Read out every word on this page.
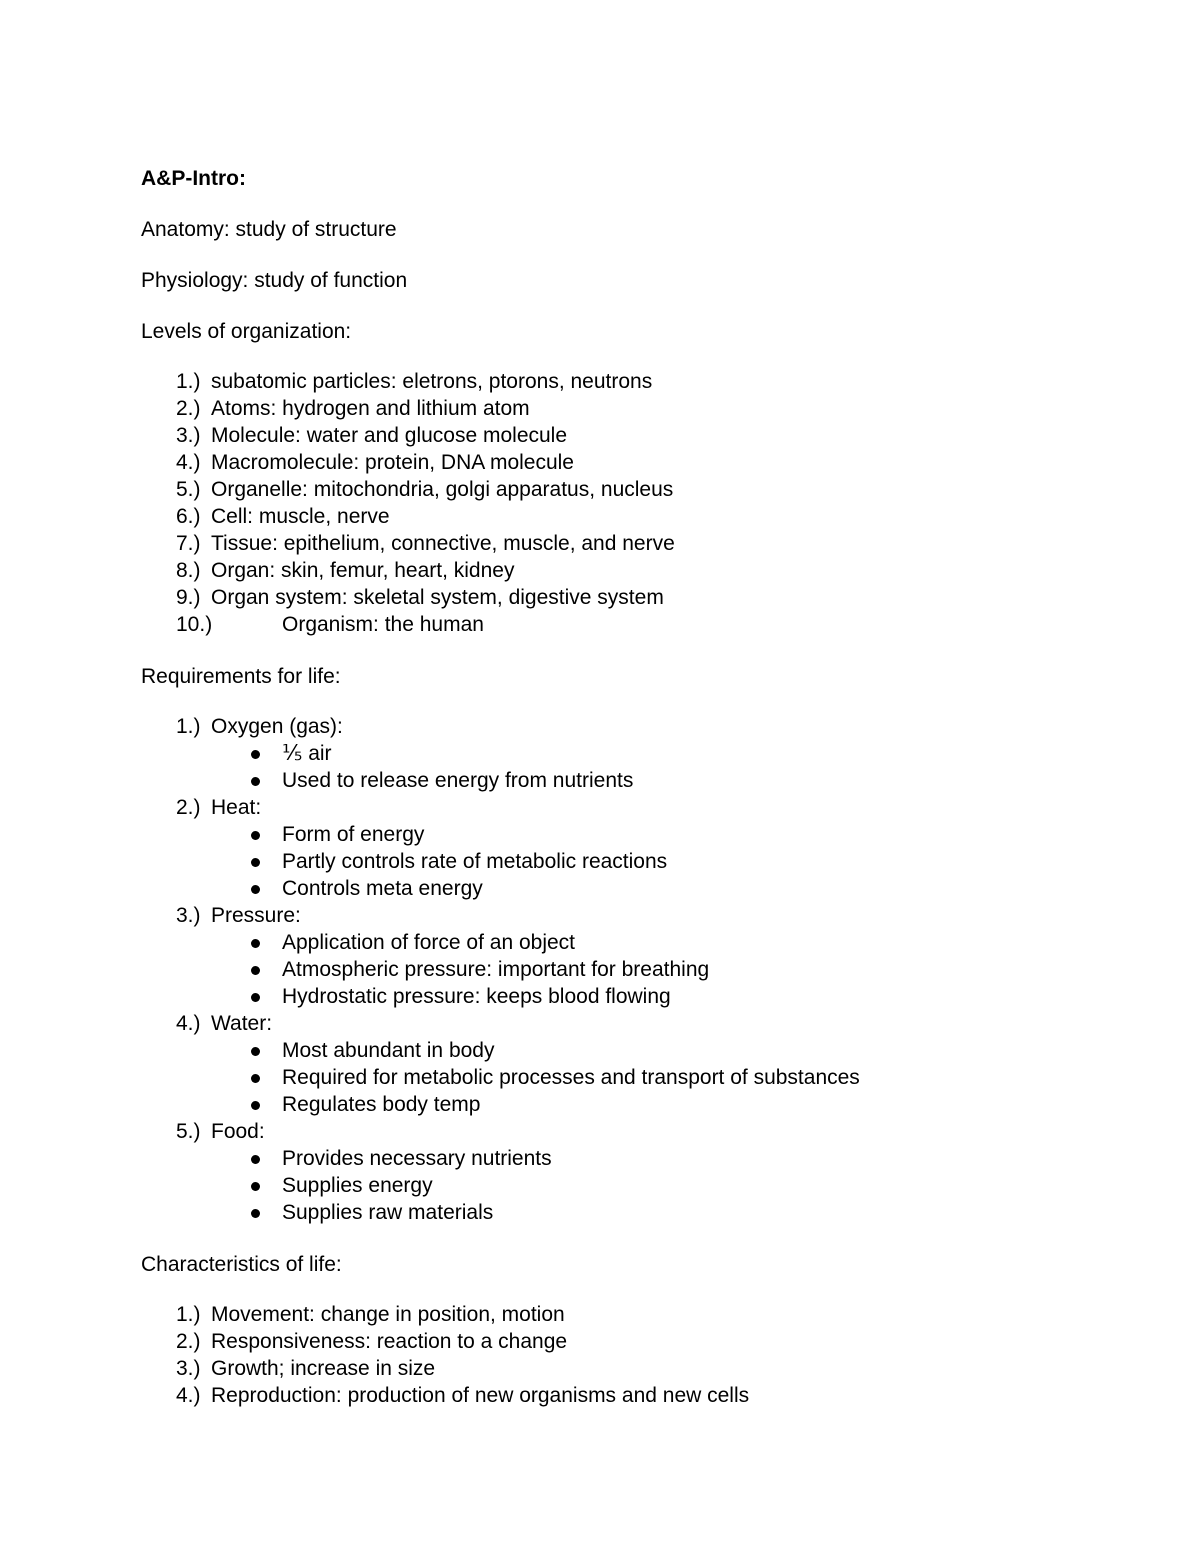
A&P-Intro:
Anatomy: study of structure
Physiology: study of function
Levels of organization:
1.) subatomic particles: eletrons, ptorons, neutrons
2.) Atoms: hydrogen and lithium atom
3.) Molecule: water and glucose molecule
4.) Macromolecule: protein, DNA molecule
5.) Organelle: mitochondria, golgi apparatus, nucleus
6.) Cell: muscle, nerve
7.) Tissue: epithelium, connective, muscle, and nerve
8.) Organ: skin, femur, heart, kidney
9.) Organ system: skeletal system, digestive system
10.)	Organism: the human
Requirements for life:
1.) Oxygen (gas):
⅕ air
Used to release energy from nutrients
2.) Heat:
Form of energy
Partly controls rate of metabolic reactions
Controls meta energy
3.) Pressure:
Application of force of an object
Atmospheric pressure: important for breathing
Hydrostatic pressure: keeps blood flowing
4.) Water:
Most abundant in body
Required for metabolic processes and transport of substances
Regulates body temp
5.) Food:
Provides necessary nutrients
Supplies energy
Supplies raw materials
Characteristics of life:
1.) Movement: change in position, motion
2.) Responsiveness: reaction to a change
3.) Growth; increase in size
4.) Reproduction: production of new organisms and new cells
